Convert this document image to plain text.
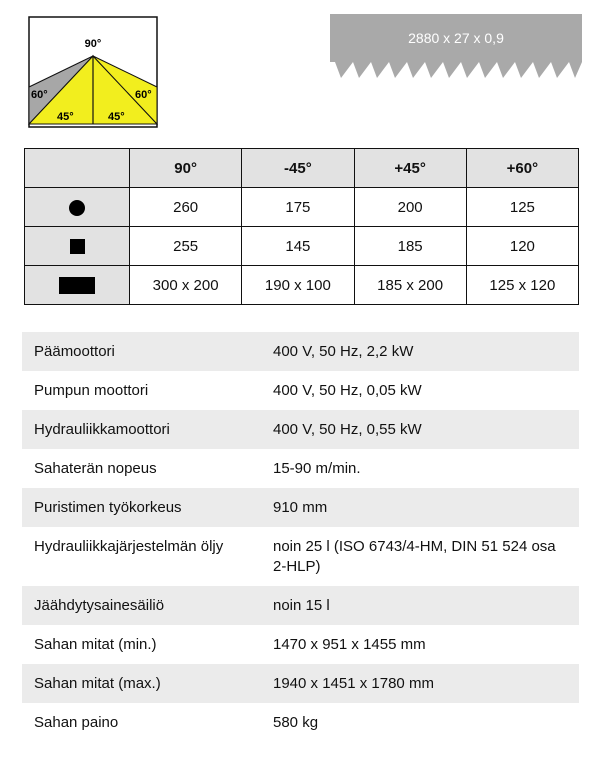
90°
60°	60°
45°	45°
2880 x 27 x 0,9
	90°	-45°	+45°	+60°
	260	175	200	125
	255	145	185	120
	300 x 200	190 x 100	185 x 200	125 x 120
Päämoottori	400 V, 50 Hz, 2,2 kW
Pumpun moottori	400 V, 50 Hz, 0,05 kW
Hydrauliikkamoottori	400 V, 50 Hz, 0,55 kW
Sahaterän nopeus	15-90 m/min.
Puristimen työkorkeus	910 mm
Hydrauliikkajärjestelmän öljy	noin 25 l (ISO 6743/4-HM, DIN 51 524 osa 2-HLP)
Jäähdytysainesäiliö	noin 15 l
Sahan mitat (min.)	1470 x 951 x 1455 mm
Sahan mitat (max.)	1940 x 1451 x 1780 mm
Sahan paino	580 kg
